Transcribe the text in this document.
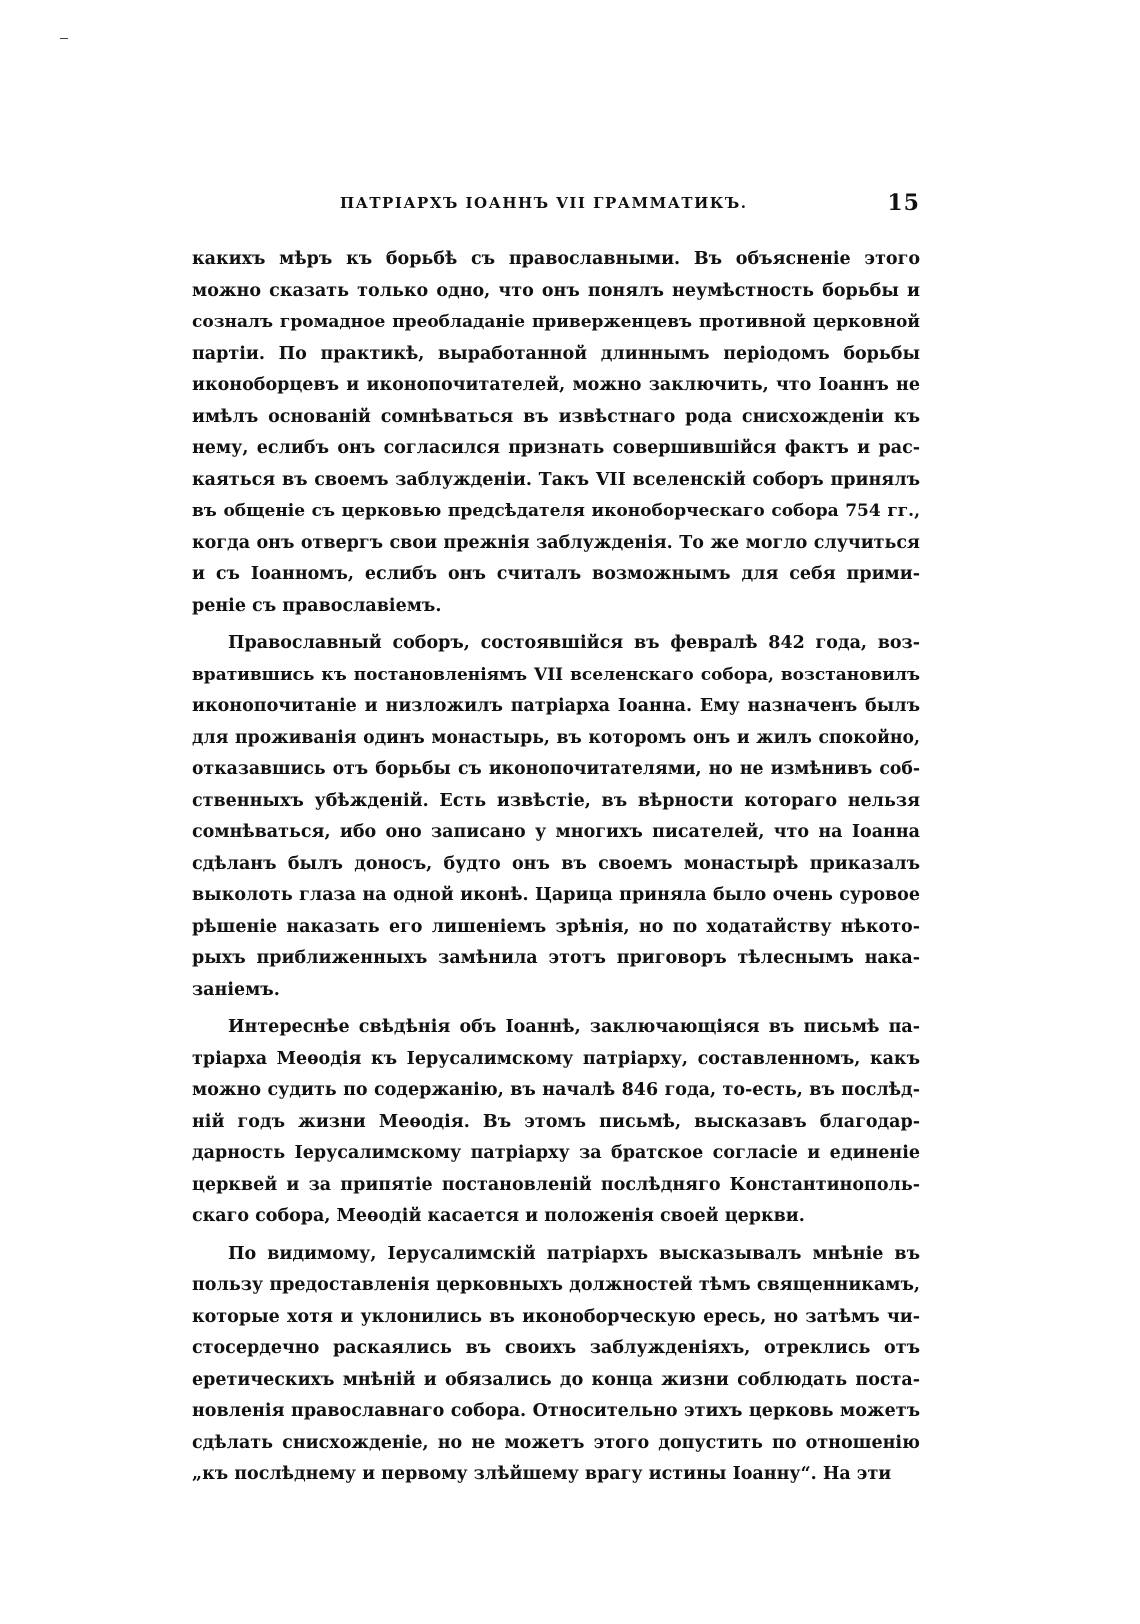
ПАТРІАРХЪ ІОАННЪ VII ГРАММАТИКЪ.	15
какихъ мѣръ къ борьбѣ съ православными. Въ объясненіе этого
можно сказать только одно, что онъ понялъ неумѣстность борьбы и
созналъ громадное преобладаніе приверженцевъ противной церковной
партіи. По практикѣ, выработанной длиннымъ періодомъ борьбы
иконоборцевъ и иконопочитателей, можно заключить, что Іоаннъ не
имѣлъ основаній сомнѣваться въ извѣстнаго рода снисхожденіи къ
нему, еслибъ онъ согласился признать совершившійся фактъ и рас-
каяться въ своемъ заблужденіи. Такъ VII вселенскій соборъ принялъ
въ общеніе съ церковью предсѣдателя иконоборческаго собора 754 гг.,
когда онъ отвергъ свои прежнія заблужденія. То же могло случиться
и съ Іоанномъ, еслибъ онъ считалъ возможнымъ для себя прими-
реніе съ православіемъ.
Православный соборъ, состоявшійся въ февралѣ 842 года, воз-
вратившись къ постановленіямъ VII вселенскаго собора, возстановилъ
иконопочитаніе и низложилъ патріарха Іоанна. Ему назначенъ былъ
для проживанія одинъ монастырь, въ которомъ онъ и жилъ спокойно,
отказавшись отъ борьбы съ иконопочитателями, но не измѣнивъ соб-
ственныхъ убѣжденій. Есть извѣстіе, въ вѣрности котораго нельзя
сомнѣваться, ибо оно записано у многихъ писателей, что на Іоанна
сдѣланъ былъ доносъ, будто онъ въ своемъ монастырѣ приказалъ
выколоть глаза на одной иконѣ. Царица приняла было очень суровое
рѣшеніе наказать его лишеніемъ зрѣнія, но по ходатайству нѣкото-
рыхъ приближенныхъ замѣнила этотъ приговоръ тѣлеснымъ нака-
заніемъ.
Интереснѣе свѣдѣнія объ Іоаннѣ, заключающіяся въ письмѣ па-
тріарха Меѳодія къ Іерусалимскому патріарху, составленномъ, какъ
можно судить по содержанію, въ началѣ 846 года, то-есть, въ послѣд-
ній годъ жизни Меѳодія. Въ этомъ письмѣ, высказавъ благодар-
дарность Іерусалимскому патріарху за братское согласіе и единеніе
церквей и за припятіе постановленій послѣдняго Константинополь-
скаго собора, Меѳодій касается и положенія своей церкви.
По видимому, Іерусалимскій патріархъ высказывалъ мнѣніе въ
пользу предоставленія церковныхъ должностей тѣмъ священникамъ,
которые хотя и уклонились въ иконоборческую ересь, но затѣмъ чи-
стосердечно раскаялись въ своихъ заблужденіяхъ, отреклись отъ
еретическихъ мнѣній и обязались до конца жизни соблюдать поста-
новленія православнаго собора. Относительно этихъ церковь можетъ
сдѣлать снисхожденіе, но не можетъ этого допустить по отношенію
„къ послѣднему и первому злѣйшему врагу истины Іоанну“. На эти
